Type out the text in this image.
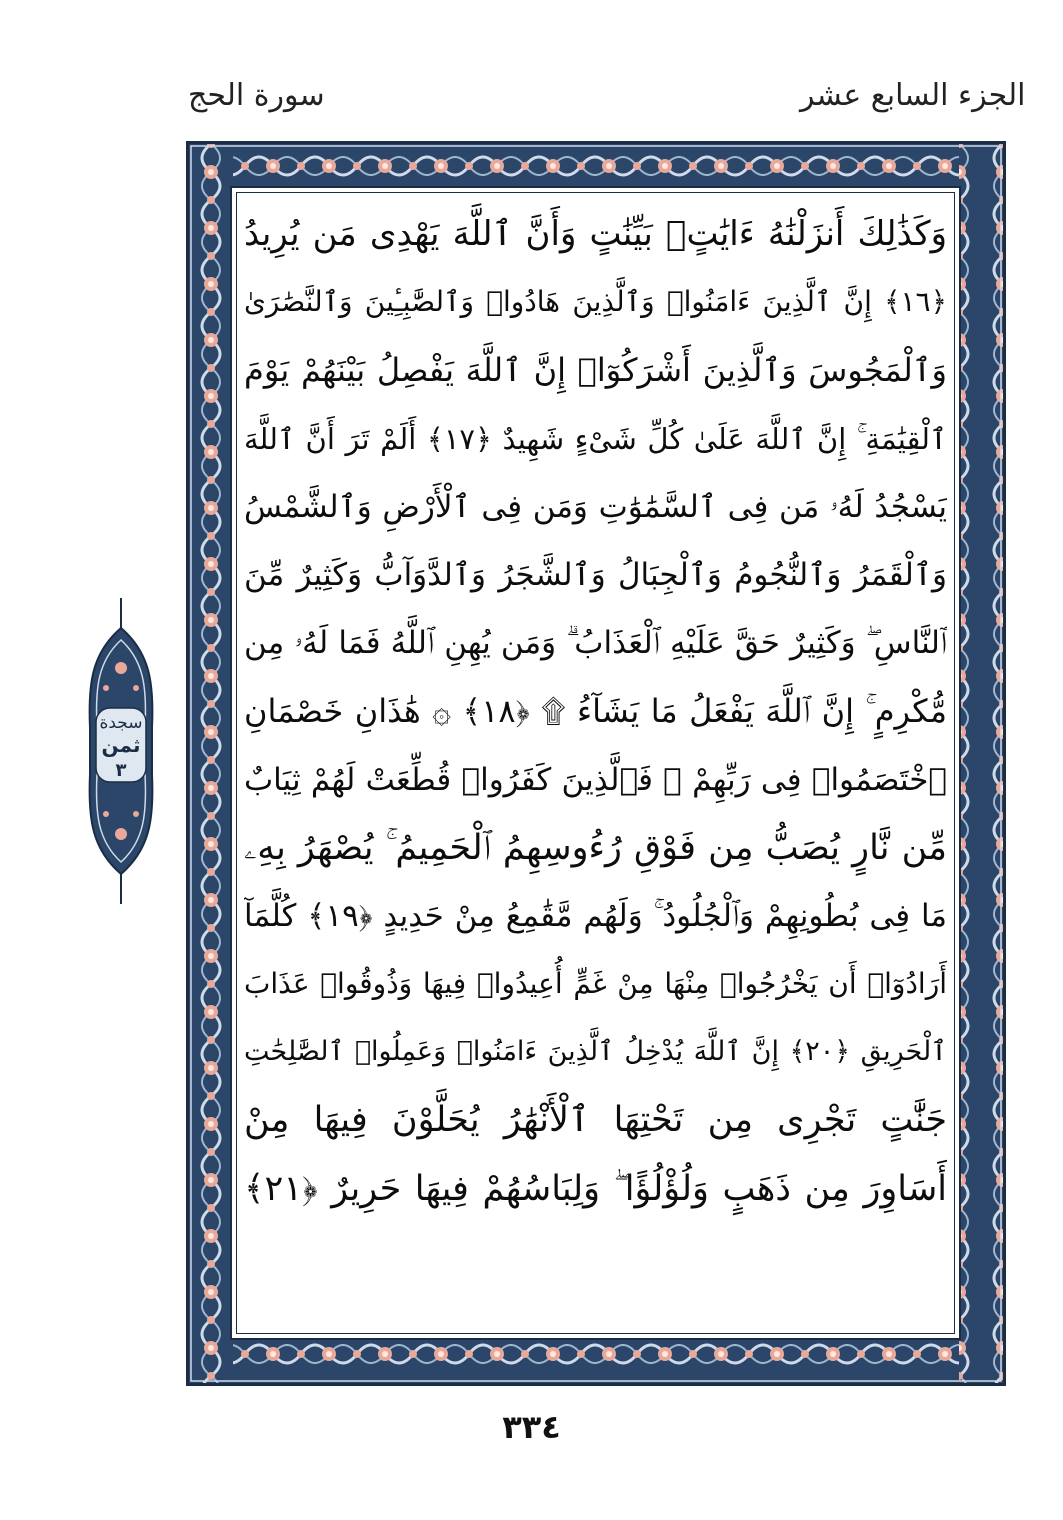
الجزء السابع عشر
سورة الحج
وَكَذَٰلِكَ أَنزَلْنَٰهُ ءَايَٰتٍۭ بَيِّنَٰتٍ وَأَنَّ ٱللَّهَ يَهْدِى مَن يُرِيدُ
﴿١٦﴾ إِنَّ ٱلَّذِينَ ءَامَنُوا۟ وَٱلَّذِينَ هَادُوا۟ وَٱلصَّٰبِـِٔينَ وَٱلنَّصَٰرَىٰ
وَٱلْمَجُوسَ وَٱلَّذِينَ أَشْرَكُوٓا۟ إِنَّ ٱللَّهَ يَفْصِلُ بَيْنَهُمْ يَوْمَ
ٱلْقِيَٰمَةِ ۚ إِنَّ ٱللَّهَ عَلَىٰ كُلِّ شَىْءٍ شَهِيدٌ ﴿١٧﴾ أَلَمْ تَرَ أَنَّ ٱللَّهَ
يَسْجُدُ لَهُۥ مَن فِى ٱلسَّمَٰوَٰتِ وَمَن فِى ٱلْأَرْضِ وَٱلشَّمْسُ
وَٱلْقَمَرُ وَٱلنُّجُومُ وَٱلْجِبَالُ وَٱلشَّجَرُ وَٱلدَّوَآبُّ وَكَثِيرٌ مِّنَ
ٱلنَّاسِ ۖ وَكَثِيرٌ حَقَّ عَلَيْهِ ٱلْعَذَابُ ۗ وَمَن يُهِنِ ٱللَّهُ فَمَا لَهُۥ مِن
مُّكْرِمٍ ۚ إِنَّ ٱللَّهَ يَفْعَلُ مَا يَشَآءُ ۩ ﴿١٨﴾ ۞ هَٰذَانِ خَصْمَانِ
ٱخْتَصَمُوا۟ فِى رَبِّهِمْ ۖ فَٱلَّذِينَ كَفَرُوا۟ قُطِّعَتْ لَهُمْ ثِيَابٌ
مِّن نَّارٍ يُصَبُّ مِن فَوْقِ رُءُوسِهِمُ ٱلْحَمِيمُ ۚ يُصْهَرُ بِهِۦ
مَا فِى بُطُونِهِمْ وَٱلْجُلُودُ ۚ وَلَهُم مَّقَٰمِعُ مِنْ حَدِيدٍ ﴿١٩﴾ كُلَّمَآ
أَرَادُوٓا۟ أَن يَخْرُجُوا۟ مِنْهَا مِنْ غَمٍّ أُعِيدُوا۟ فِيهَا وَذُوقُوا۟ عَذَابَ
ٱلْحَرِيقِ ﴿٢٠﴾ إِنَّ ٱللَّهَ يُدْخِلُ ٱلَّذِينَ ءَامَنُوا۟ وَعَمِلُوا۟ ٱلصَّٰلِحَٰتِ
جَنَّٰتٍ تَجْرِى مِن تَحْتِهَا ٱلْأَنْهَٰرُ يُحَلَّوْنَ فِيهَا مِنْ
أَسَاوِرَ مِن ذَهَبٍ وَلُؤْلُؤًا ۖ وَلِبَاسُهُمْ فِيهَا حَرِيرٌ ﴿٢١﴾
سجدة
ثمن
٣
٣٣٤
